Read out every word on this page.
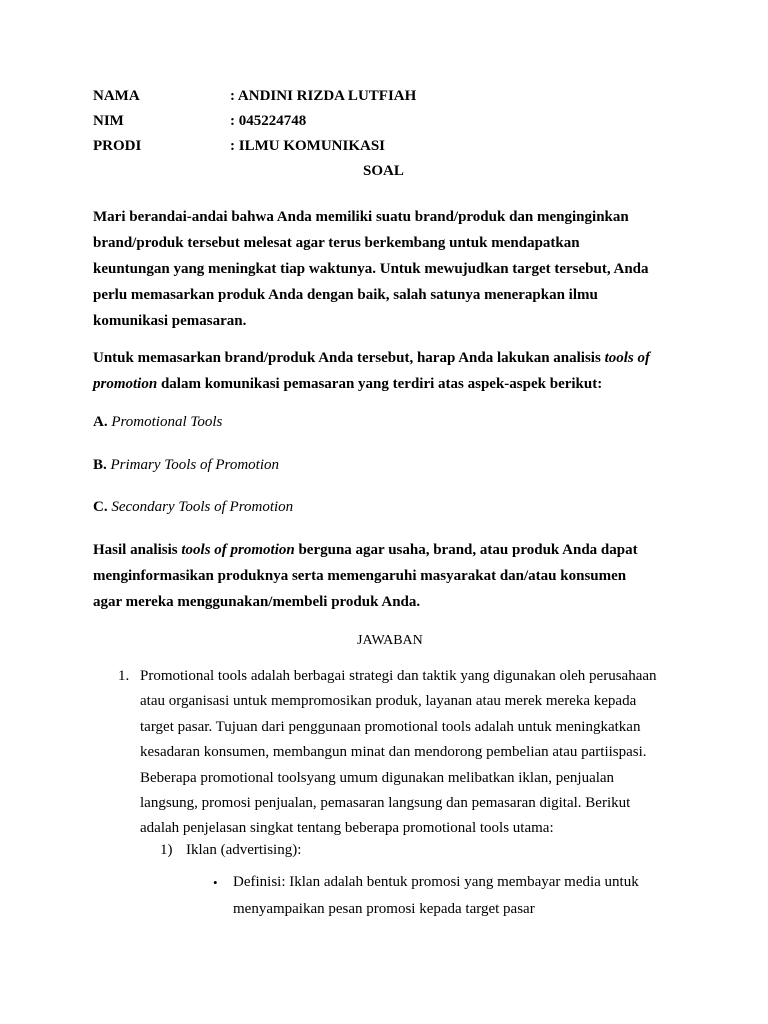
NAMA	: ANDINI RIZDA LUTFIAH
NIM	: 045224748
PRODI	: ILMU KOMUNIKASI
SOAL
Mari berandai-andai bahwa Anda memiliki suatu brand/produk dan menginginkan
brand/produk tersebut melesat agar terus berkembang untuk mendapatkan
keuntungan yang meningkat tiap waktunya. Untuk mewujudkan target tersebut, Anda
perlu memasarkan produk Anda dengan baik, salah satunya menerapkan ilmu
komunikasi pemasaran.
Untuk memasarkan brand/produk Anda tersebut, harap Anda lakukan analisis tools of
promotion dalam komunikasi pemasaran yang terdiri atas aspek-aspek berikut:
A. Promotional Tools
B. Primary Tools of Promotion
C. Secondary Tools of Promotion
Hasil analisis tools of promotion berguna agar usaha, brand, atau produk Anda dapat
menginformasikan produknya serta memengaruhi masyarakat dan/atau konsumen
agar mereka menggunakan/membeli produk Anda.
JAWABAN
1. Promotional tools adalah berbagai strategi dan taktik yang digunakan oleh perusahaan
atau organisasi untuk mempromosikan produk, layanan atau merek mereka kepada
target pasar. Tujuan dari penggunaan promotional tools adalah untuk meningkatkan
kesadaran konsumen, membangun minat dan mendorong pembelian atau partiispasi.
Beberapa promotional toolsyang umum digunakan melibatkan iklan, penjualan
langsung, promosi penjualan, pemasaran langsung dan pemasaran digital. Berikut
adalah penjelasan singkat tentang beberapa promotional tools utama:
1) Iklan (advertising):
• Definisi: Iklan adalah bentuk promosi yang membayar media untuk
menyampaikan pesan promosi kepada target pasar
